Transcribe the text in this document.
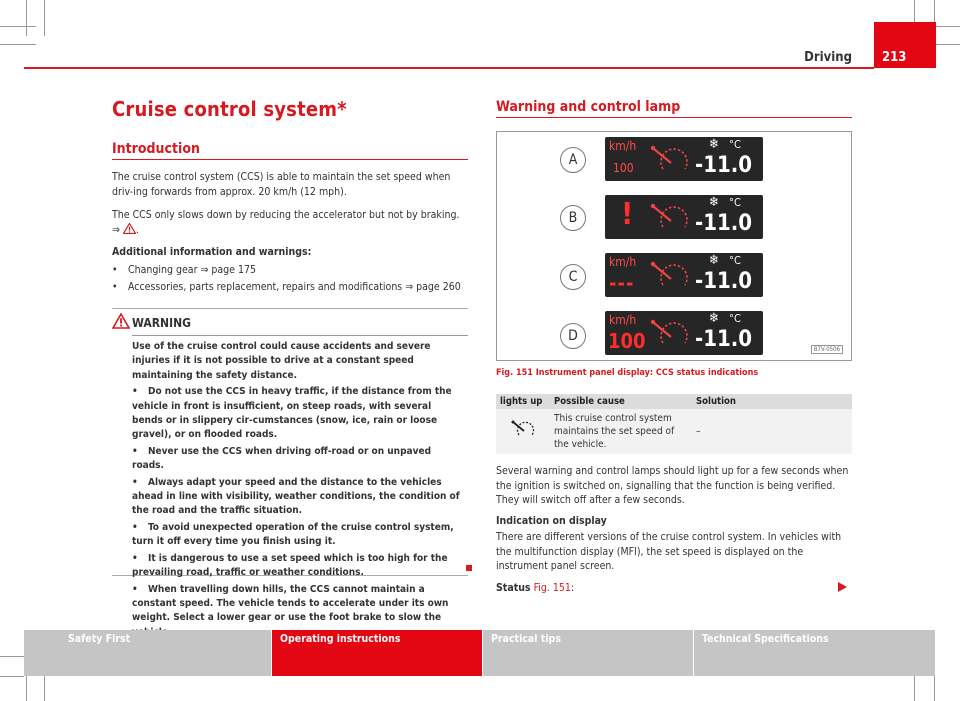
Driving	213
Cruise control system*
Introduction
The cruise control system (CCS) is able to maintain the set speed when driv-ing forwards from approx. 20 km/h (12 mph).
The CCS only slows down by reducing the accelerator but not by braking.
⇒ .
Additional information and warnings:
• Changing gear ⇒ page 175
• Accessories, parts replacement, repairs and modifications ⇒ page 260
WARNING

Use of the cruise control could cause accidents and severe injuries if it is not possible to drive at a constant speed maintaining the safety distance.

• Do not use the CCS in heavy traffic, if the distance from the vehicle in front is insufficient, on steep roads, with several bends or in slippery cir-cumstances (snow, ice, rain or loose gravel), or on flooded roads.

• Never use the CCS when driving off-road or on unpaved roads.

• Always adapt your speed and the distance to the vehicles ahead in line with visibility, weather conditions, the condition of the road and the traffic situation.

• To avoid unexpected operation of the cruise control system, turn it off every time you finish using it.

• It is dangerous to use a set speed which is too high for the prevailing road, traffic or weather conditions.

• When travelling down hills, the CCS cannot maintain a constant speed. The vehicle tends to accelerate under its own weight. Select a lower gear or use the foot brake to slow the

Warning and control lamp
A
km/h
100
❄ °C
-11.0
B !	❄ °C
-11.0
C
km/h
---
❄ °C
-11.0
D
km/h
100
❄ °C
-11.0	B7V-0506
Fig. 151 Instrument panel display: CCS status indications
lights up	Possible cause	Solution
	This cruise control system maintains the set speed of the vehicle.	–
Several warning and control lamps should light up for a few seconds when the ignition is switched on, signalling that the function is being verified. They will switch off after a few seconds.
Indication on display
There are different versions of the cruise control system. In vehicles with the multifunction display (MFI), the set speed is displayed on the instrument panel screen.
Status Fig. 151:
Safety First	Operating instructions	Practical tips	Technical Specifications
